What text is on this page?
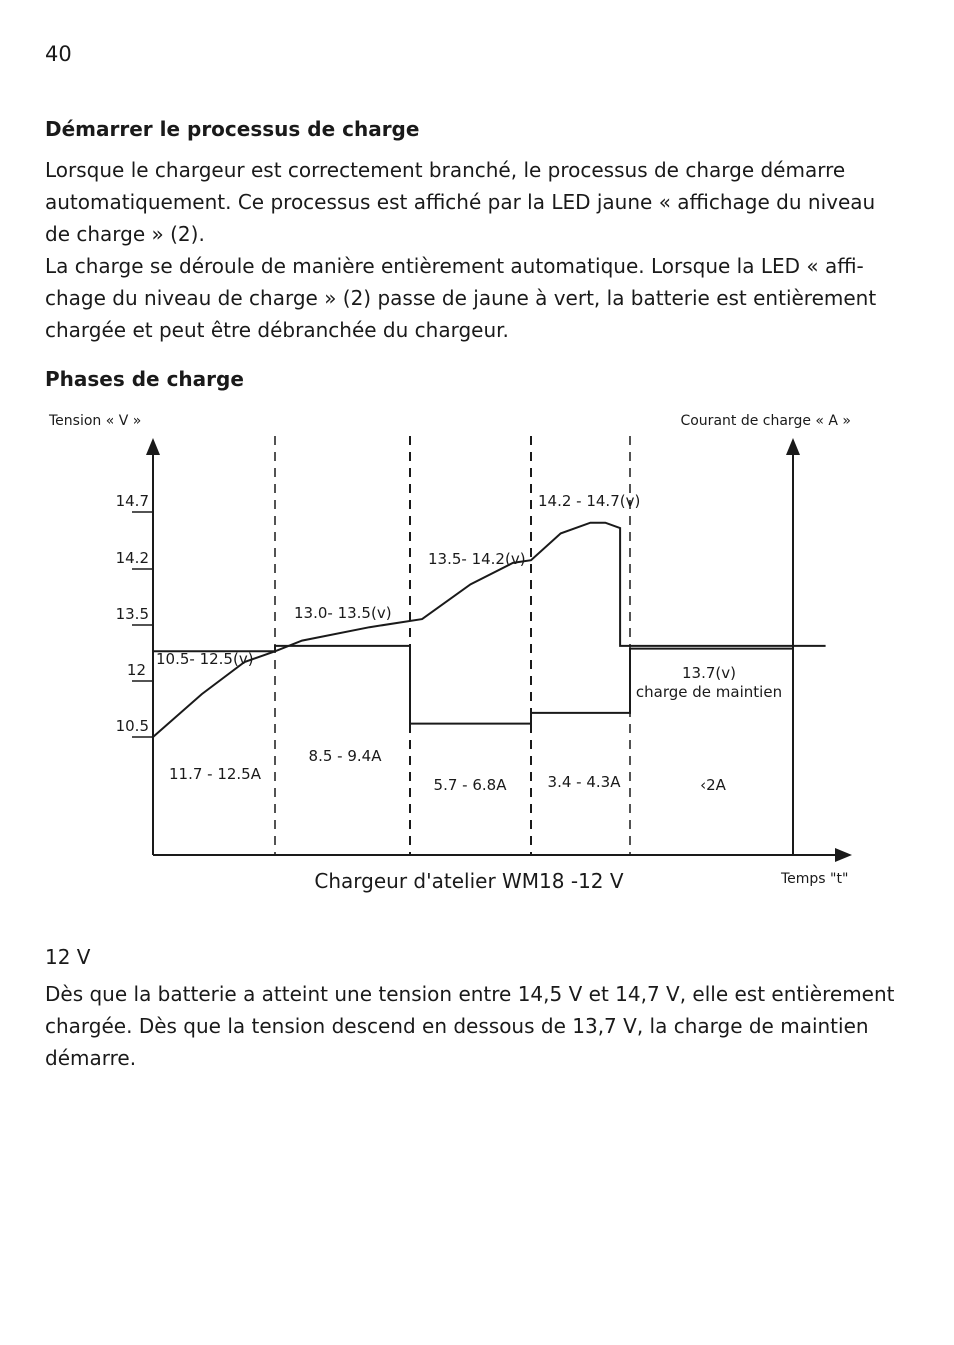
40
Démarrer le processus de charge
Lorsque le chargeur est correctement branché, le processus de charge démarre
automatiquement. Ce processus est affiché par la LED jaune « affichage du niveau
de charge » (2).
La charge se déroule de manière entièrement automatique. Lorsque la LED « affi-
chage du niveau de charge » (2) passe de jaune à vert, la batterie est entièrement
chargée et peut être débranchée du chargeur.
Phases de charge
Tension « V »	Courant de charge « A »
Temps "t"
Chargeur d'atelier WM18 -12 V
14.7
14.2
13.5
12
10.5
10.5- 12.5(v)
13.0- 13.5(v)
13.5- 14.2(v)
14.2 - 14.7(v)
13.7(v)
charge de maintien
11.7 - 12.5A
8.5 - 9.4A
5.7 - 6.8A	3.4 - 4.3A	‹2A
12 V
Dès que la batterie a atteint une tension entre 14,5 V et 14,7 V, elle est entièrement
chargée. Dès que la tension descend en dessous de 13,7 V, la charge de maintien
démarre.
